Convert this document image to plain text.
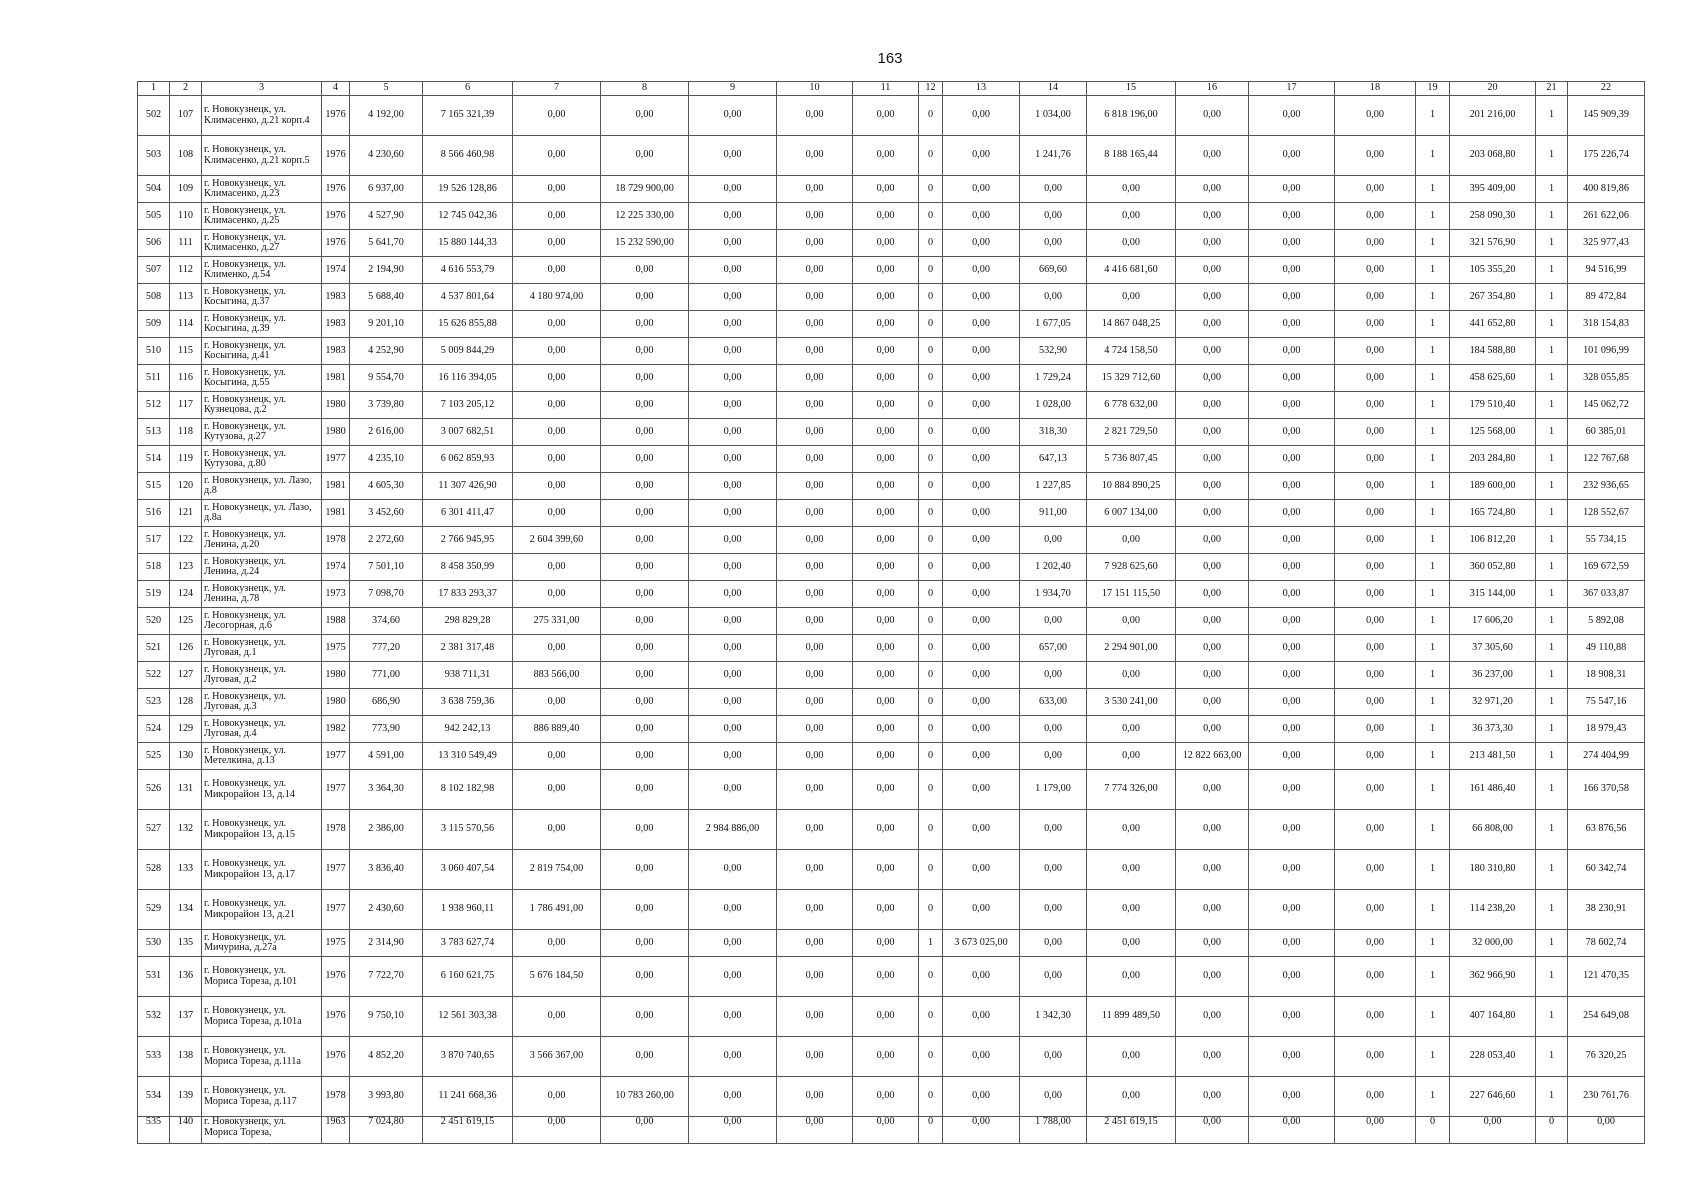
163
1	2	3	4	5	6	7	8	9	10	11	12	13	14	15	16	17	18	19	20	21	22
502	107	г. Новокузнецк, ул. Климасенко, д.21 корп.4	1976	4 192,00	7 165 321,39	0,00	0,00	0,00	0,00	0,00	0	0,00	1 034,00	6 818 196,00	0,00	0,00	0,00	1	201 216,00	1	145 909,39
503	108	г. Новокузнецк, ул. Климасенко, д.21 корп.5	1976	4 230,60	8 566 460,98	0,00	0,00	0,00	0,00	0,00	0	0,00	1 241,76	8 188 165,44	0,00	0,00	0,00	1	203 068,80	1	175 226,74
504	109	г. Новокузнецк, ул. Климасенко, д.23	1976	6 937,00	19 526 128,86	0,00	18 729 900,00	0,00	0,00	0,00	0	0,00	0,00	0,00	0,00	0,00	0,00	1	395 409,00	1	400 819,86
505	110	г. Новокузнецк, ул. Климасенко, д.25	1976	4 527,90	12 745 042,36	0,00	12 225 330,00	0,00	0,00	0,00	0	0,00	0,00	0,00	0,00	0,00	0,00	1	258 090,30	1	261 622,06
506	111	г. Новокузнецк, ул. Климасенко, д.27	1976	5 641,70	15 880 144,33	0,00	15 232 590,00	0,00	0,00	0,00	0	0,00	0,00	0,00	0,00	0,00	0,00	1	321 576,90	1	325 977,43
507	112	г. Новокузнецк, ул. Клименко, д.54	1974	2 194,90	4 616 553,79	0,00	0,00	0,00	0,00	0,00	0	0,00	669,60	4 416 681,60	0,00	0,00	0,00	1	105 355,20	1	94 516,99
508	113	г. Новокузнецк, ул. Косыгина, д.37	1983	5 688,40	4 537 801,64	4 180 974,00	0,00	0,00	0,00	0,00	0	0,00	0,00	0,00	0,00	0,00	0,00	1	267 354,80	1	89 472,84
509	114	г. Новокузнецк, ул. Косыгина, д.39	1983	9 201,10	15 626 855,88	0,00	0,00	0,00	0,00	0,00	0	0,00	1 677,05	14 867 048,25	0,00	0,00	0,00	1	441 652,80	1	318 154,83
510	115	г. Новокузнецк, ул. Косыгина, д.41	1983	4 252,90	5 009 844,29	0,00	0,00	0,00	0,00	0,00	0	0,00	532,90	4 724 158,50	0,00	0,00	0,00	1	184 588,80	1	101 096,99
511	116	г. Новокузнецк, ул. Косыгина, д.55	1981	9 554,70	16 116 394,05	0,00	0,00	0,00	0,00	0,00	0	0,00	1 729,24	15 329 712,60	0,00	0,00	0,00	1	458 625,60	1	328 055,85
512	117	г. Новокузнецк, ул. Кузнецова, д.2	1980	3 739,80	7 103 205,12	0,00	0,00	0,00	0,00	0,00	0	0,00	1 028,00	6 778 632,00	0,00	0,00	0,00	1	179 510,40	1	145 062,72
513	118	г. Новокузнецк, ул. Кутузова, д.27	1980	2 616,00	3 007 682,51	0,00	0,00	0,00	0,00	0,00	0	0,00	318,30	2 821 729,50	0,00	0,00	0,00	1	125 568,00	1	60 385,01
514	119	г. Новокузнецк, ул. Кутузова, д.80	1977	4 235,10	6 062 859,93	0,00	0,00	0,00	0,00	0,00	0	0,00	647,13	5 736 807,45	0,00	0,00	0,00	1	203 284,80	1	122 767,68
515	120	г. Новокузнецк, ул. Лазо, д.8	1981	4 605,30	11 307 426,90	0,00	0,00	0,00	0,00	0,00	0	0,00	1 227,85	10 884 890,25	0,00	0,00	0,00	1	189 600,00	1	232 936,65
516	121	г. Новокузнецк, ул. Лазо, д.8а	1981	3 452,60	6 301 411,47	0,00	0,00	0,00	0,00	0,00	0	0,00	911,00	6 007 134,00	0,00	0,00	0,00	1	165 724,80	1	128 552,67
517	122	г. Новокузнецк, ул. Ленина, д.20	1978	2 272,60	2 766 945,95	2 604 399,60	0,00	0,00	0,00	0,00	0	0,00	0,00	0,00	0,00	0,00	0,00	1	106 812,20	1	55 734,15
518	123	г. Новокузнецк, ул. Ленина, д.24	1974	7 501,10	8 458 350,99	0,00	0,00	0,00	0,00	0,00	0	0,00	1 202,40	7 928 625,60	0,00	0,00	0,00	1	360 052,80	1	169 672,59
519	124	г. Новокузнецк, ул. Ленина, д.78	1973	7 098,70	17 833 293,37	0,00	0,00	0,00	0,00	0,00	0	0,00	1 934,70	17 151 115,50	0,00	0,00	0,00	1	315 144,00	1	367 033,87
520	125	г. Новокузнецк, ул. Лесогорная, д.6	1988	374,60	298 829,28	275 331,00	0,00	0,00	0,00	0,00	0	0,00	0,00	0,00	0,00	0,00	0,00	1	17 606,20	1	5 892,08
521	126	г. Новокузнецк, ул. Луговая, д.1	1975	777,20	2 381 317,48	0,00	0,00	0,00	0,00	0,00	0	0,00	657,00	2 294 901,00	0,00	0,00	0,00	1	37 305,60	1	49 110,88
522	127	г. Новокузнецк, ул. Луговая, д.2	1980	771,00	938 711,31	883 566,00	0,00	0,00	0,00	0,00	0	0,00	0,00	0,00	0,00	0,00	0,00	1	36 237,00	1	18 908,31
523	128	г. Новокузнецк, ул. Луговая, д.3	1980	686,90	3 638 759,36	0,00	0,00	0,00	0,00	0,00	0	0,00	633,00	3 530 241,00	0,00	0,00	0,00	1	32 971,20	1	75 547,16
524	129	г. Новокузнецк, ул. Луговая, д.4	1982	773,90	942 242,13	886 889,40	0,00	0,00	0,00	0,00	0	0,00	0,00	0,00	0,00	0,00	0,00	1	36 373,30	1	18 979,43
525	130	г. Новокузнецк, ул. Метелкина, д.13	1977	4 591,00	13 310 549,49	0,00	0,00	0,00	0,00	0,00	0	0,00	0,00	0,00	12 822 663,00	0,00	0,00	1	213 481,50	1	274 404,99
526	131	г. Новокузнецк, ул. Микрорайон 13, д.14	1977	3 364,30	8 102 182,98	0,00	0,00	0,00	0,00	0,00	0	0,00	1 179,00	7 774 326,00	0,00	0,00	0,00	1	161 486,40	1	166 370,58
527	132	г. Новокузнецк, ул. Микрорайон 13, д.15	1978	2 386,00	3 115 570,56	0,00	0,00	2 984 886,00	0,00	0,00	0	0,00	0,00	0,00	0,00	0,00	0,00	1	66 808,00	1	63 876,56
528	133	г. Новокузнецк, ул. Микрорайон 13, д.17	1977	3 836,40	3 060 407,54	2 819 754,00	0,00	0,00	0,00	0,00	0	0,00	0,00	0,00	0,00	0,00	0,00	1	180 310,80	1	60 342,74
529	134	г. Новокузнецк, ул. Микрорайон 13, д.21	1977	2 430,60	1 938 960,11	1 786 491,00	0,00	0,00	0,00	0,00	0	0,00	0,00	0,00	0,00	0,00	0,00	1	114 238,20	1	38 230,91
530	135	г. Новокузнецк, ул. Мичурина, д.27а	1975	2 314,90	3 783 627,74	0,00	0,00	0,00	0,00	0,00	1	3 673 025,00	0,00	0,00	0,00	0,00	0,00	1	32 000,00	1	78 602,74
531	136	г. Новокузнецк, ул. Мориса Тореза, д.101	1976	7 722,70	6 160 621,75	5 676 184,50	0,00	0,00	0,00	0,00	0	0,00	0,00	0,00	0,00	0,00	0,00	1	362 966,90	1	121 470,35
532	137	г. Новокузнецк, ул. Мориса Тореза, д.101а	1976	9 750,10	12 561 303,38	0,00	0,00	0,00	0,00	0,00	0	0,00	1 342,30	11 899 489,50	0,00	0,00	0,00	1	407 164,80	1	254 649,08
533	138	г. Новокузнецк, ул. Мориса Тореза, д.111а	1976	4 852,20	3 870 740,65	3 566 367,00	0,00	0,00	0,00	0,00	0	0,00	0,00	0,00	0,00	0,00	0,00	1	228 053,40	1	76 320,25
534	139	г. Новокузнецк, ул. Мориса Тореза, д.117	1978	3 993,80	11 241 668,36	0,00	10 783 260,00	0,00	0,00	0,00	0	0,00	0,00	0,00	0,00	0,00	0,00	1	227 646,60	1	230 761,76
535	140	г. Новокузнецк, ул. Мориса Тореза,	1963	7 024,80	2 451 619,15	0,00	0,00	0,00	0,00	0,00	0	0,00	1 788,00	2 451 619,15	0,00	0,00	0,00	0	0,00	0	0,00
